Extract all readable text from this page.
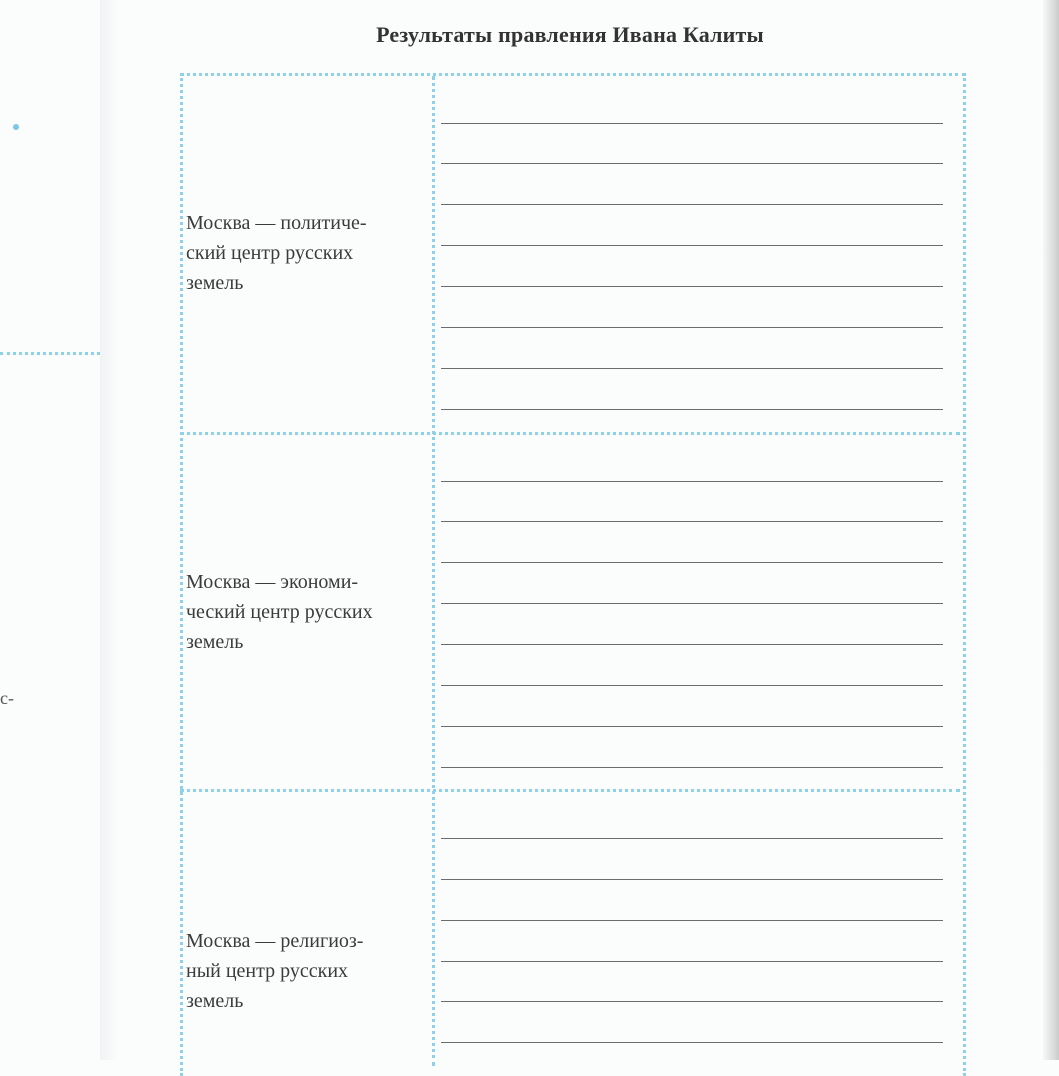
с-
Результаты правления Ивана Калиты
Москва — политиче-
ский центр русских
земель
Москва — экономи-
ческий центр русских
земель
Москва — религиоз-
ный центр русских
земель
